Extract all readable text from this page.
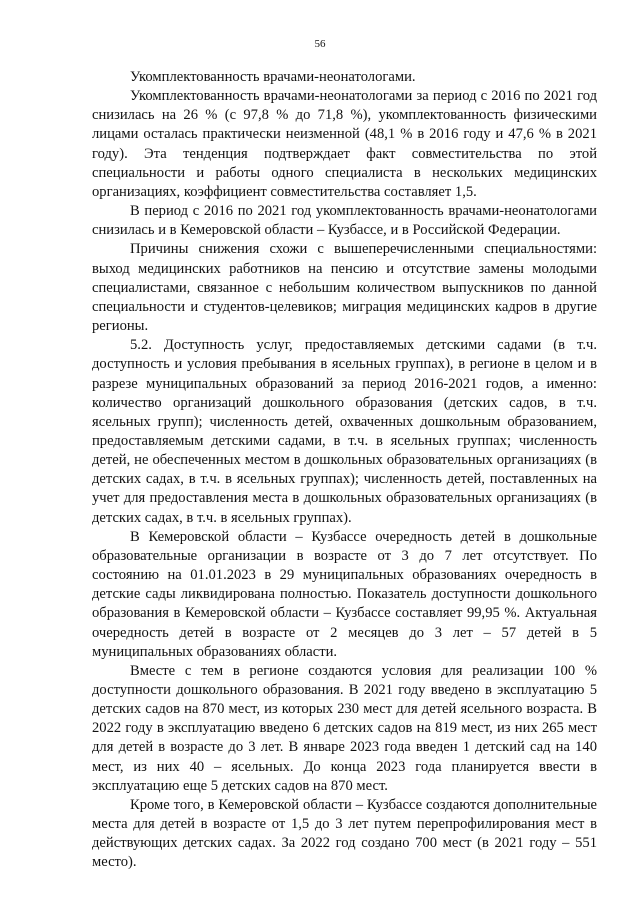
56

Укомплектованность врачами-неонатологами.

Укомплектованность врачами-неонатологами за период с 2016 по 2021 год снизилась на 26 % (с 97,8 % до 71,8 %), укомплектованность физическими лицами осталась практически неизменной (48,1 % в 2016 году и 47,6 % в 2021 году). Эта тенденция подтверждает факт совместительства по этой специальности и работы одного специалиста в нескольких медицинских организациях, коэффициент совместительства составляет 1,5.

В период с 2016 по 2021 год укомплектованность врачами-неонатологами снизилась и в Кемеровской области – Кузбассе, и в Российской Федерации.

Причины снижения схожи с вышеперечисленными специальностями: выход медицинских работников на пенсию и отсутствие замены молодыми специалистами, связанное с небольшим количеством выпускников по данной специальности и студентов-целевиков; миграция медицинских кадров в другие регионы.

5.2. Доступность услуг, предоставляемых детскими садами (в т.ч. доступность и условия пребывания в ясельных группах), в регионе в целом и в разрезе муниципальных образований за период 2016-2021 годов, а именно: количество организаций дошкольного образования (детских садов, в т.ч. ясельных групп); численность детей, охваченных дошкольным образованием, предоставляемым детскими садами, в т.ч. в ясельных группах; численность детей, не обеспеченных местом в дошкольных образовательных организациях (в детских садах, в т.ч. в ясельных группах); численность детей, поставленных на учет для предоставления места в дошкольных образовательных организациях (в детских садах, в т.ч. в ясельных группах).

В Кемеровской области – Кузбассе очередность детей в дошкольные образовательные организации в возрасте от 3 до 7 лет отсутствует. По состоянию на 01.01.2023 в 29 муниципальных образованиях очередность в детские сады ликвидирована полностью. Показатель доступности дошкольного образования в Кемеровской области – Кузбассе составляет 99,95 %. Актуальная очередность детей в возрасте от 2 месяцев до 3 лет – 57 детей в 5 муниципальных образованиях области.

Вместе с тем в регионе создаются условия для реализации 100 % доступности дошкольного образования. В 2021 году введено в эксплуатацию 5 детских садов на 870 мест, из которых 230 мест для детей ясельного возраста. В 2022 году в эксплуатацию введено 6 детских садов на 819 мест, из них 265 мест для детей в возрасте до 3 лет. В январе 2023 года введен 1 детский сад на 140 мест, из них 40 – ясельных. До конца 2023 года планируется ввести в эксплуатацию еще 5 детских садов на 870 мест.

Кроме того, в Кемеровской области – Кузбассе создаются дополнительные места для детей в возрасте от 1,5 до 3 лет путем перепрофилирования мест в действующих детских садах. За 2022 год создано 700 мест (в 2021 году – 551 место).
